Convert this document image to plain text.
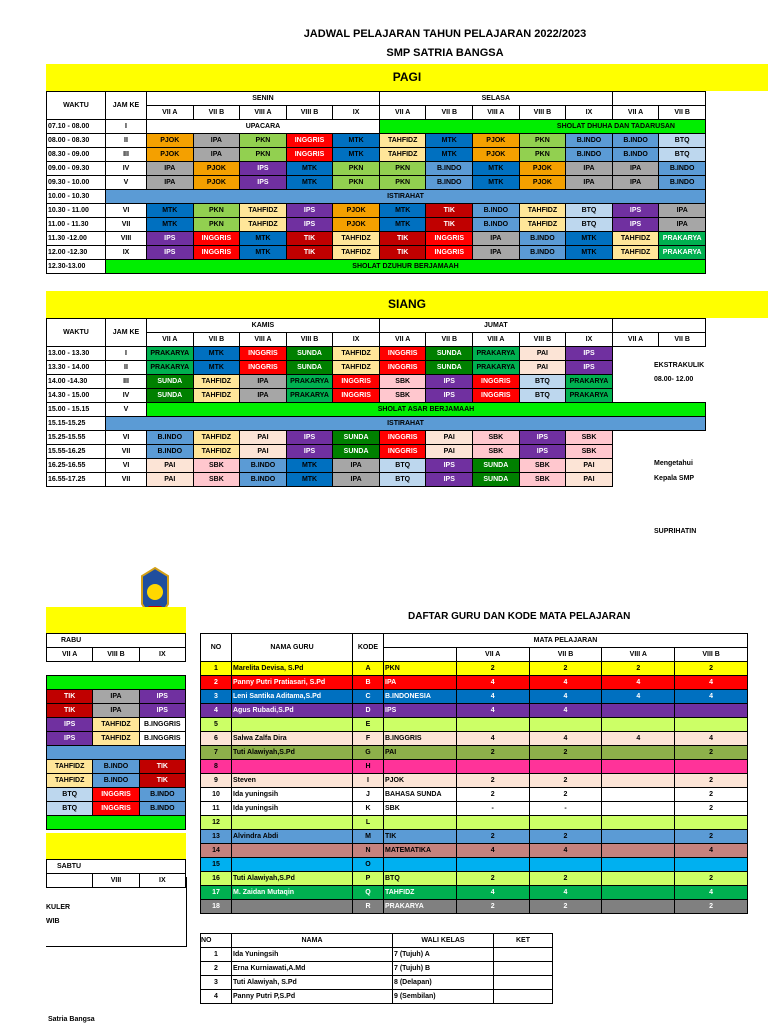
JADWAL PELAJARAN TAHUN PELAJARAN 2022/2023
SMP SATRIA BANGSA
PAGI
WAKTU	JAM KE	SENIN					SELASA						
		VII A	VII B	VIII A	VIII B	IX	VII A	VII B	VIII A	VIII B	IX	VII A	VII B
07.10 - 08.00	I	UPACARA					SHOLAT DHUHA DAN TADARUSAN						
08.00 - 08.30	II	PJOK	IPA	PKN	INGGRIS	MTK	TAHFIDZ	MTK	PJOK	PKN	B.INDO	B.INDO	BTQ
08.30 - 09.00	III	PJOK	IPA	PKN	INGGRIS	MTK	TAHFIDZ	MTK	PJOK	PKN	B.INDO	B.INDO	BTQ
09.00 - 09.30	IV	IPA	PJOK	IPS	MTK	PKN	PKN	B.INDO	MTK	PJOK	IPA	IPA	B.INDO
09.30 - 10.00	V	IPA	PJOK	IPS	MTK	PKN	PKN	B.INDO	MTK	PJOK	IPA	IPA	B.INDO
10.00 - 10.30	ISTIRAHAT												
10.30 - 11.00	VI	MTK	PKN	TAHFIDZ	IPS	PJOK	MTK	TIK	B.INDO	TAHFIDZ	BTQ	IPS	IPA
11.00 - 11.30	VII	MTK	PKN	TAHFIDZ	IPS	PJOK	MTK	TIK	B.INDO	TAHFIDZ	BTQ	IPS	IPA
11.30 -12.00	VIII	IPS	INGGRIS	MTK	TIK	TAHFIDZ	TIK	INGGRIS	IPA	B.INDO	MTK	TAHFIDZ	PRAKARYA
12.00 -12.30	IX	IPS	INGGRIS	MTK	TIK	TAHFIDZ	TIK	INGGRIS	IPA	B.INDO	MTK	TAHFIDZ	PRAKARYA
12.30-13.00	SHOLAT DZUHUR BERJAMAAH												
SIANG
WAKTU	JAM KE	KAMIS					JUMAT						
		VII A	VII B	VIII A	VIII B	IX	VII A	VII B	VIII A	VIII B	IX	VII A	VII B
13.00 - 13.30	I	PRAKARYA	MTK	INGGRIS	SUNDA	TAHFIDZ	INGGRIS	SUNDA	PRAKARYA	PAI	IPS		
13.30 - 14.00	II	PRAKARYA	MTK	INGGRIS	SUNDA	TAHFIDZ	INGGRIS	SUNDA	PRAKARYA	PAI	IPS		
14.00 -14.30	III	SUNDA	TAHFIDZ	IPA	PRAKARYA	INGGRIS	SBK	IPS	INGGRIS	BTQ	PRAKARYA		
14.30 - 15.00	IV	SUNDA	TAHFIDZ	IPA	PRAKARYA	INGGRIS	SBK	IPS	INGGRIS	BTQ	PRAKARYA		
15.00 - 15.15	V	SHOLAT ASAR BERJAMAAH											
15.15-15.25	ISTIRAHAT												
15.25-15.55	VI	B.INDO	TAHFIDZ	PAI	IPS	SUNDA	INGGRIS	PAI	SBK	IPS	SBK		
15.55-16.25	VII	B.INDO	TAHFIDZ	PAI	IPS	SUNDA	INGGRIS	PAI	SBK	IPS	SBK		
16.25-16.55	VI	PAI	SBK	B.INDO	MTK	IPA	BTQ	IPS	SUNDA	SBK	PAI		
16.55-17.25	VII	PAI	SBK	B.INDO	MTK	IPA	BTQ	IPS	SUNDA	SBK	PAI		
EKSTRAKULIK
08.00- 12.00
Mengetahui
Kepala SMP
SUPRIHATIN
RABU		
VII A	VIII B	IX

TIK	IPA	IPS
TIK	IPA	IPS
IPS	TAHFIDZ	B.INGGRIS
IPS	TAHFIDZ	B.INGGRIS

TAHFIDZ	B.INDO	TIK
TAHFIDZ	B.INDO	TIK
BTQ	INGGRIS	B.INDO
BTQ	INGGRIS	B.INDO

SABTU
	VIII	IX
KULER
WIB
DAFTAR GURU DAN KODE MATA PELAJARAN
NO	NAMA GURU	KODE	MATA PELAJARAN				
				VII A	VII B	VIII A	VIII B
1	Marelita Devisa, S.Pd	A	PKN	2	2	2	2
2	Panny Putri Pratiasari, S.Pd	B	IPA	4	4	4	4
3	Leni Santika Aditama,S.Pd	C	B.INDONESIA	4	4	4	4
4	Agus Rubadi,S.Pd	D	IPS	4	4		
5		E					
6	Salwa Zalfa Dira	F	B.INGGRIS	4	4	4	4
7	Tuti Alawiyah,S.Pd	G	PAI	2	2		2
8		H					
9	Steven	I	PJOK	2	2		2
10	Ida yuningsih	J	BAHASA SUNDA	2	2		2
11	Ida yuningsih	K	SBK	-	-		2
12		L					
13	Alvindra Abdi	M	TIK	2	2		2
14		N	MATEMATIKA	4	4		4
15		O					
16	Tuti Alawiyah,S.Pd	P	BTQ	2	2		2
17	M. Zaidan Mutaqin	Q	TAHFIDZ	4	4		4
18		R	PRAKARYA	2	2		2
NO	NAMA	WALI KELAS	KET
1	Ida Yuningsih	7 (Tujuh) A	
2	Erna Kurniawati,A.Md	7 (Tujuh) B	
3	Tuti Alawiyah, S.Pd	8 (Delapan)	
4	Panny Putri P,S.Pd	9 (Sembilan)	
Satria Bangsa
